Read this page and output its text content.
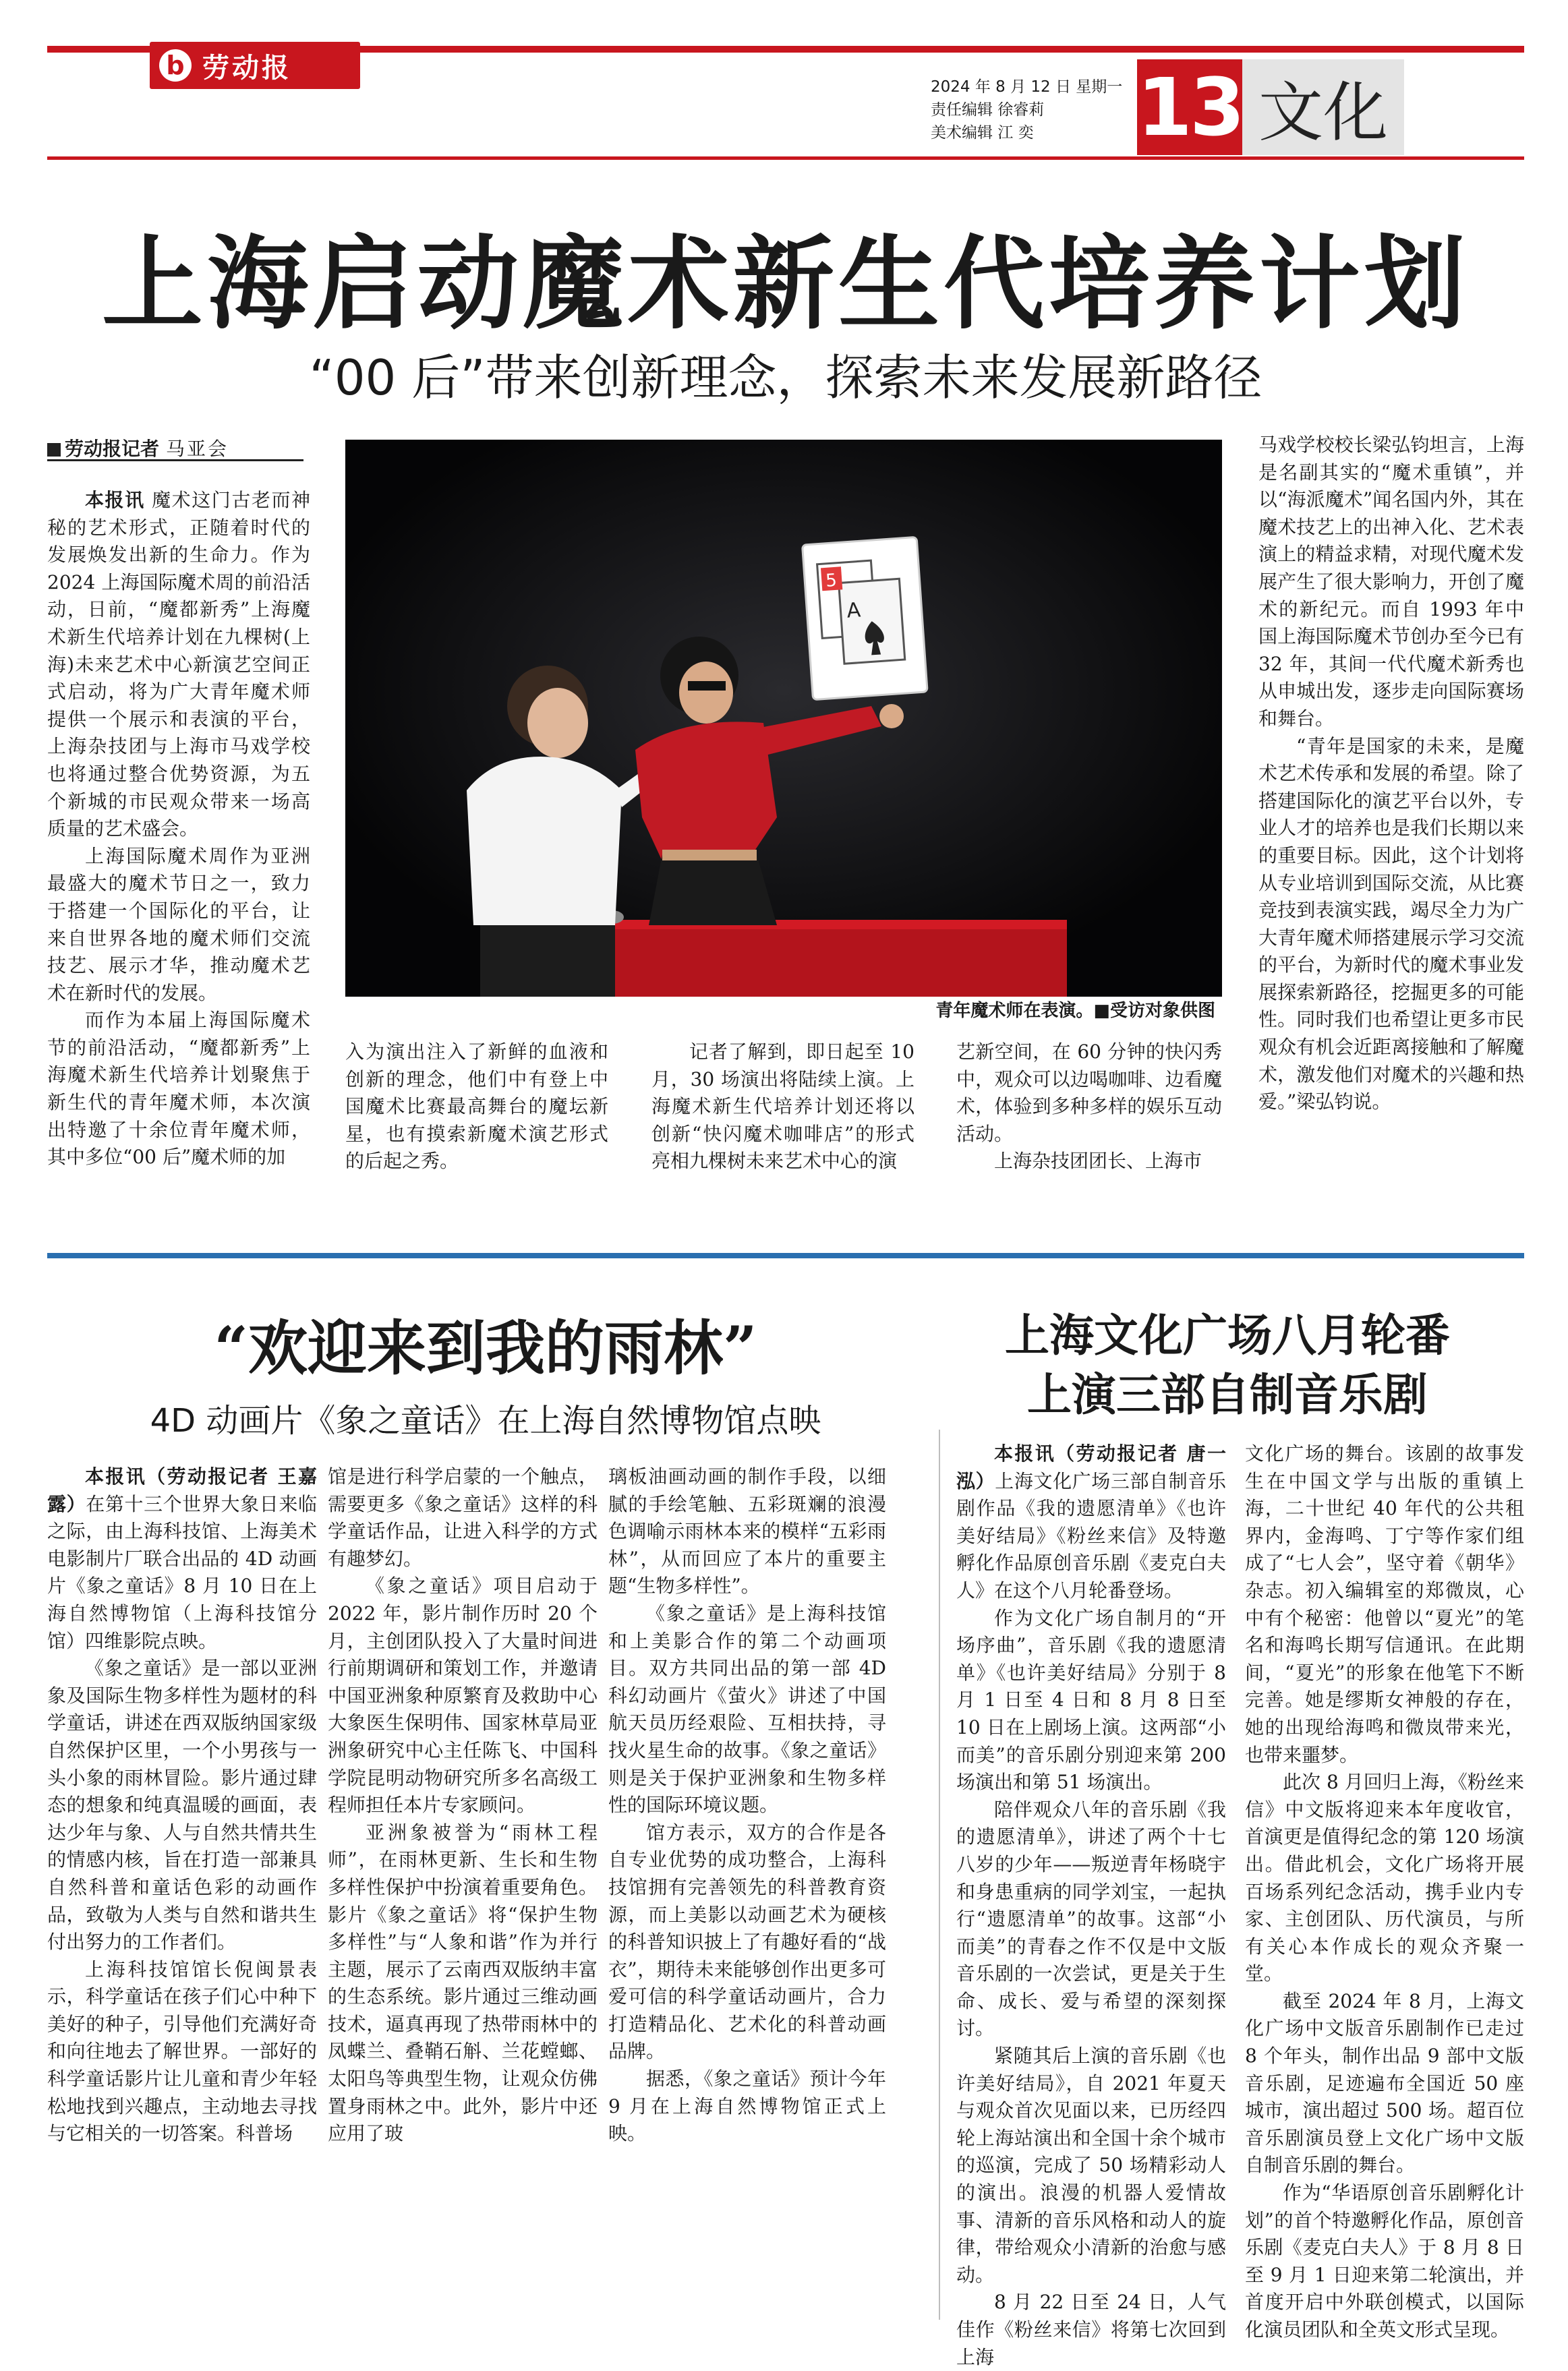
b 劳动报
2024 年 8 月 12 日 星期一
责任编辑 徐睿莉
美术编辑 江 奕	13 文化
上海启动魔术新生代培养计划
“00 后”带来创新理念，探索未来发展新路径
劳动报记者 马亚会

本报讯 魔术这门古老而神秘的艺术形式，正随着时代的发展焕发出新的生命力。作为 2024 上海国际魔术周的前沿活动，日前，“魔都新秀”上海魔术新生代培养计划在九棵树(上海)未来艺术中心新演艺空间正式启动，将为广大青年魔术师提供一个展示和表演的平台，上海杂技团与上海市马戏学校也将通过整合优势资源，为五个新城的市民观众带来一场高质量的艺术盛会。

上海国际魔术周作为亚洲最盛大的魔术节日之一，致力于搭建一个国际化的平台，让来自世界各地的魔术师们交流技艺、展示才华，推动魔术艺术在新时代的发展。

而作为本届上海国际魔术节的前沿活动，“魔都新秀”上海魔术新生代培养计划聚焦于新生代的青年魔术师，本次演出特邀了十余位青年魔术师，其中多位“00 后”魔术师的加

5
A
青年魔术师在表演。■受访对象供图

入为演出注入了新鲜的血液和创新的理念，他们中有登上中国魔术比赛最高舞台的魔坛新星，也有摸索新魔术演艺形式的后起之秀。

记者了解到，即日起至 10 月，30 场演出将陆续上演。上海魔术新生代培养计划还将以创新“快闪魔术咖啡店”的形式亮相九棵树未来艺术中心的演

艺新空间，在 60 分钟的快闪秀中，观众可以边喝咖啡、边看魔术，体验到多种多样的娱乐互动活动。

上海杂技团团长、上海市

马戏学校校长梁弘钧坦言，上海是名副其实的“魔术重镇”，并以“海派魔术”闻名国内外，其在魔术技艺上的出神入化、艺术表演上的精益求精，对现代魔术发展产生了很大影响力，开创了魔术的新纪元。而自 1993 年中国上海国际魔术节创办至今已有 32 年，其间一代代魔术新秀也从申城出发，逐步走向国际赛场和舞台。

“青年是国家的未来，是魔术艺术传承和发展的希望。除了搭建国际化的演艺平台以外，专业人才的培养也是我们长期以来的重要目标。因此，这个计划将从专业培训到国际交流，从比赛竞技到表演实践，竭尽全力为广大青年魔术师搭建展示学习交流的平台，为新时代的魔术事业发展探索新路径，挖掘更多的可能性。同时我们也希望让更多市民观众有机会近距离接触和了解魔术，激发他们对魔术的兴趣和热爱。”梁弘钧说。

“欢迎来到我的雨林”
4D 动画片《象之童话》在上海自然博物馆点映

本报讯（劳动报记者 王嘉露）在第十三个世界大象日来临之际，由上海科技馆、上海美术电影制片厂联合出品的 4D 动画片《象之童话》8 月 10 日在上海自然博物馆（上海科技馆分馆）四维影院点映。

《象之童话》是一部以亚洲象及国际生物多样性为题材的科学童话，讲述在西双版纳国家级自然保护区里，一个小男孩与一头小象的雨林冒险。影片通过肆态的想象和纯真温暖的画面，表达少年与象、人与自然共情共生的情感内核，旨在打造一部兼具自然科普和童话色彩的动画作品，致敬为人类与自然和谐共生付出努力的工作者们。

上海科技馆馆长倪闽景表示，科学童话在孩子们心中种下美好的种子，引导他们充满好奇和向往地去了解世界。一部好的科学童话影片让儿童和青少年轻松地找到兴趣点，主动地去寻找与它相关的一切答案。科普场

馆是进行科学启蒙的一个触点，需要更多《象之童话》这样的科学童话作品，让进入科学的方式有趣梦幻。

《象之童话》项目启动于 2022 年，影片制作历时 20 个月，主创团队投入了大量时间进行前期调研和策划工作，并邀请中国亚洲象种原繁育及救助中心大象医生保明伟、国家林草局亚洲象研究中心主任陈飞、中国科学院昆明动物研究所多名高级工程师担任本片专家顾问。

亚洲象被誉为“雨林工程师”，在雨林更新、生长和生物多样性保护中扮演着重要角色。影片《象之童话》将“保护生物多样性”与“人象和谐”作为并行主题，展示了云南西双版纳丰富的生态系统。影片通过三维动画技术，逼真再现了热带雨林中的凤蝶兰、叠鞘石斛、兰花螳螂、太阳鸟等典型生物，让观众仿佛置身雨林之中。此外，影片中还应用了玻

璃板油画动画的制作手段，以细腻的手绘笔触、五彩斑斓的浪漫色调喻示雨林本来的模样“五彩雨林”，从而回应了本片的重要主题“生物多样性”。

《象之童话》是上海科技馆和上美影合作的第二个动画项目。双方共同出品的第一部 4D 科幻动画片《萤火》讲述了中国航天员历经艰险、互相扶持，寻找火星生命的故事。《象之童话》则是关于保护亚洲象和生物多样性的国际环境议题。

馆方表示，双方的合作是各自专业优势的成功整合，上海科技馆拥有完善领先的科普教育资源，而上美影以动画艺术为硬核的科普知识披上了有趣好看的“战衣”，期待未来能够创作出更多可爱可信的科学童话动画片，合力打造精品化、艺术化的科普动画品牌。

据悉，《象之童话》预计今年 9 月在上海自然博物馆正式上映。

上海文化广场八月轮番
上演三部自制音乐剧

本报讯（劳动报记者 唐一泓）上海文化广场三部自制音乐剧作品《我的遗愿清单》《也许美好结局》《粉丝来信》及特邀孵化作品原创音乐剧《麦克白夫人》在这个八月轮番登场。

作为文化广场自制月的“开场序曲”，音乐剧《我的遗愿清单》《也许美好结局》分别于 8 月 1 日至 4 日和 8 月 8 日至 10 日在上剧场上演。这两部“小而美”的音乐剧分别迎来第 200 场演出和第 51 场演出。

陪伴观众八年的音乐剧《我的遗愿清单》，讲述了两个十七八岁的少年——叛逆青年杨晓宇和身患重病的同学刘宝，一起执行“遗愿清单”的故事。这部“小而美”的青春之作不仅是中文版音乐剧的一次尝试，更是关于生命、成长、爱与希望的深刻探讨。

紧随其后上演的音乐剧《也许美好结局》，自 2021 年夏天与观众首次见面以来，已历经四轮上海站演出和全国十余个城市的巡演，完成了 50 场精彩动人的演出。浪漫的机器人爱情故事、清新的音乐风格和动人的旋律，带给观众小清新的治愈与感动。

8 月 22 日至 24 日，人气佳作《粉丝来信》将第七次回到上海

文化广场的舞台。该剧的故事发生在中国文学与出版的重镇上海，二十世纪 40 年代的公共租界内，金海鸣、丁宁等作家们组成了“七人会”，坚守着《朝华》杂志。初入编辑室的郑微岚，心中有个秘密：他曾以“夏光”的笔名和海鸣长期写信通讯。在此期间，“夏光”的形象在他笔下不断完善。她是缪斯女神般的存在，她的出现给海鸣和微岚带来光，也带来噩梦。

此次 8 月回归上海，《粉丝来信》中文版将迎来本年度收官，首演更是值得纪念的第 120 场演出。借此机会，文化广场将开展百场系列纪念活动，携手业内专家、主创团队、历代演员，与所有关心本作成长的观众齐聚一堂。

截至 2024 年 8 月，上海文化广场中文版音乐剧制作已走过 8 个年头，制作出品 9 部中文版音乐剧，足迹遍布全国近 50 座城市，演出超过 500 场。超百位音乐剧演员登上文化广场中文版自制音乐剧的舞台。

作为“华语原创音乐剧孵化计划”的首个特邀孵化作品，原创音乐剧《麦克白夫人》于 8 月 8 日至 9 月 1 日迎来第二轮演出，并首度开启中外联创模式，以国际化演员团队和全英文形式呈现。
